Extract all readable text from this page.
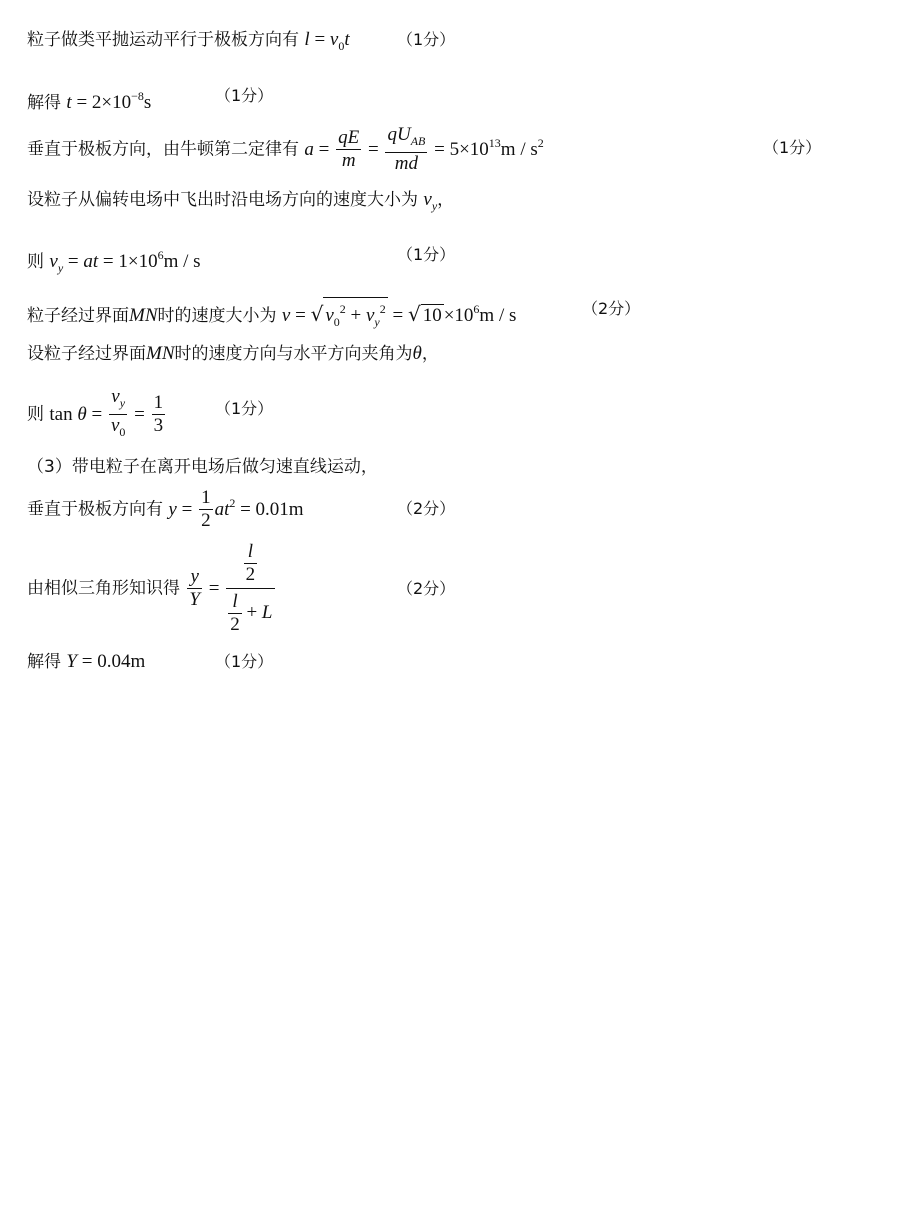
粒子做类平抛运动平行于极板方向有 $l = v_0t$	（1分）
解得 $t = 2\times 10^{-8}s$	（1分）
垂直于极板方向，由牛顿第二定律有 $a = \frac{qE}{m} = \frac{qU_{AB}}{md} = 5\times 10^{13}m / s^2$	（1分）
设粒子从偏转电场中飞出时沿电场方向的速度大小为 $v_y$，
则 $v_y$ = at = $1\times 10^6m / s$	（1分）
粒子经过界面MN时的速度大小为 v = √ $v_0^2 + v_y^2$ = √ $10 \times 10^6m / s$	（2分）
设粒子经过界面MN时的速度方向与水平方向夹角为θ，
则 $\tan \theta = \frac{v_y}{v_0} = \frac{1}{3}$	（1分）
（3）带电粒子在离开电场后做匀速直线运动，
垂直于极板方向有 $y = \frac{1}{2} at^2 = 0.01m$	（2分）
由相似三角形知识得 $\frac{y}{Y} = \frac{\frac{l}{2}}{\frac{l}{2} + L}$	（2分）
解得 Y = 0.04m	（1分）
